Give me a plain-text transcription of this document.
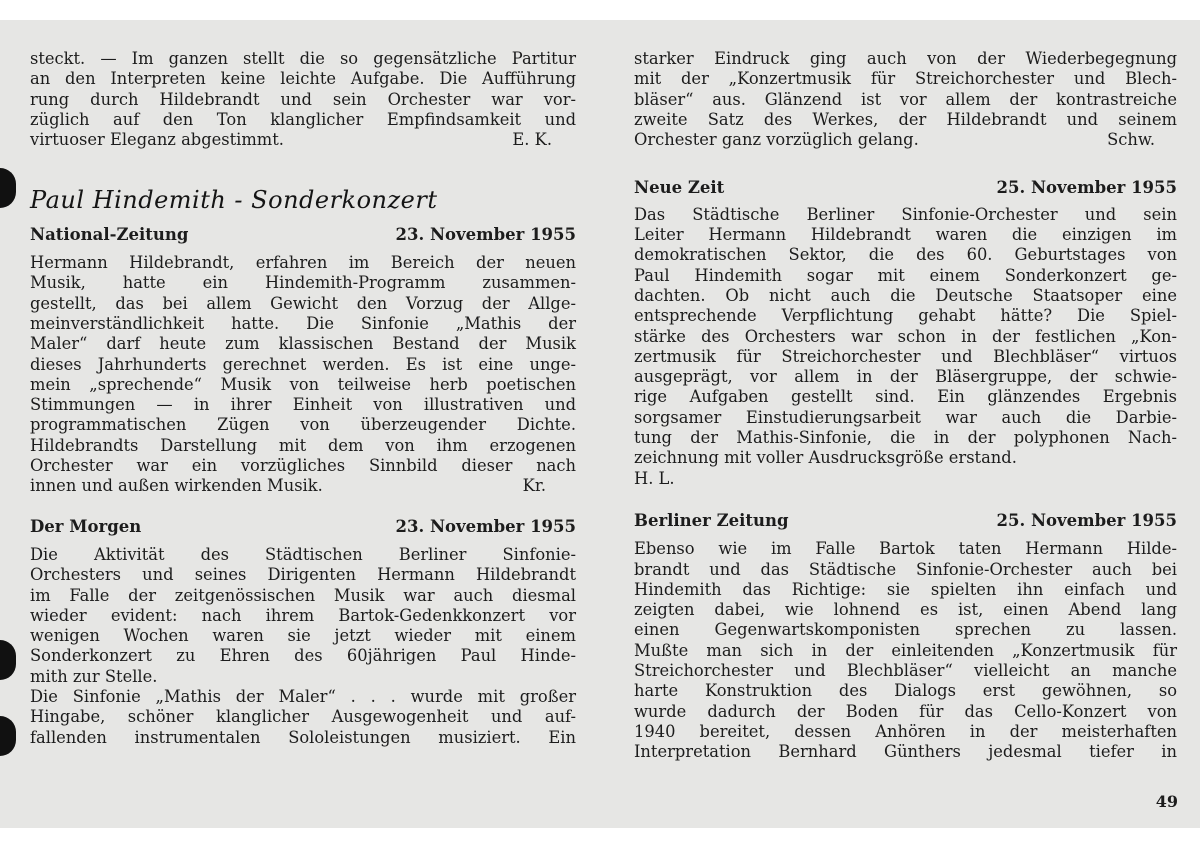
steckt. — Im ganzen stellt die so gegensätzliche Partitur
an den Interpreten keine leichte Aufgabe. Die Aufführung
rung durch Hildebrandt und sein Orchester war vor-
züglich auf den Ton klanglicher Empfindsamkeit und
virtuoser Eleganz abgestimmt.	E. K.
Paul Hindemith - Sonderkonzert
National-Zeitung	23. November 1955
Hermann Hildebrandt, erfahren im Bereich der neuen
Musik, hatte ein Hindemith-Programm zusammen-
gestellt, das bei allem Gewicht den Vorzug der Allge-
meinverständlichkeit hatte. Die Sinfonie „Mathis der
Maler“ darf heute zum klassischen Bestand der Musik
dieses Jahrhunderts gerechnet werden. Es ist eine unge-
mein „sprechende“ Musik von teilweise herb poetischen
Stimmungen — in ihrer Einheit von illustrativen und
programmatischen Zügen von überzeugender Dichte.
Hildebrandts Darstellung mit dem von ihm erzogenen
Orchester war ein vorzügliches Sinnbild dieser nach
innen und außen wirkenden Musik.	Kr.
Der Morgen	23. November 1955
Die Aktivität des Städtischen Berliner Sinfonie-
Orchesters und seines Dirigenten Hermann Hildebrandt
im Falle der zeitgenössischen Musik war auch diesmal
wieder evident: nach ihrem Bartok-Gedenkkonzert vor
wenigen Wochen waren sie jetzt wieder mit einem
Sonderkonzert zu Ehren des 60jährigen Paul Hinde-
mith zur Stelle.
Die Sinfonie „Mathis der Maler“ . . . wurde mit großer
Hingabe, schöner klanglicher Ausgewogenheit und auf-
fallenden instrumentalen Sololeistungen musiziert. Ein
starker Eindruck ging auch von der Wiederbegegnung
mit der „Konzertmusik für Streichorchester und Blech-
bläser“ aus. Glänzend ist vor allem der kontrastreiche
zweite Satz des Werkes, der Hildebrandt und seinem
Orchester ganz vorzüglich gelang.	Schw.
Neue Zeit	25. November 1955
Das Städtische Berliner Sinfonie-Orchester und sein
Leiter Hermann Hildebrandt waren die einzigen im
demokratischen Sektor, die des 60. Geburtstages von
Paul Hindemith sogar mit einem Sonderkonzert ge-
dachten. Ob nicht auch die Deutsche Staatsoper eine
entsprechende Verpflichtung gehabt hätte? Die Spiel-
stärke des Orchesters war schon in der festlichen „Kon-
zertmusik für Streichorchester und Blechbläser“ virtuos
ausgeprägt, vor allem in der Bläsergruppe, der schwie-
rige Aufgaben gestellt sind. Ein glänzendes Ergebnis
sorgsamer Einstudierungsarbeit war auch die Darbie-
tung der Mathis-Sinfonie, die in der polyphonen Nach-
zeichnung mit voller Ausdrucksgröße erstand.
H. L.
Berliner Zeitung	25. November 1955
Ebenso wie im Falle Bartok taten Hermann Hilde-
brandt und das Städtische Sinfonie-Orchester auch bei
Hindemith das Richtige: sie spielten ihn einfach und
zeigten dabei, wie lohnend es ist, einen Abend lang
einen Gegenwartskomponisten sprechen zu lassen.
Mußte man sich in der einleitenden „Konzertmusik für
Streichorchester und Blechbläser“ vielleicht an manche
harte Konstruktion des Dialogs erst gewöhnen, so
wurde dadurch der Boden für das Cello-Konzert von
1940 bereitet, dessen Anhören in der meisterhaften
Interpretation Bernhard Günthers jedesmal tiefer in
49
